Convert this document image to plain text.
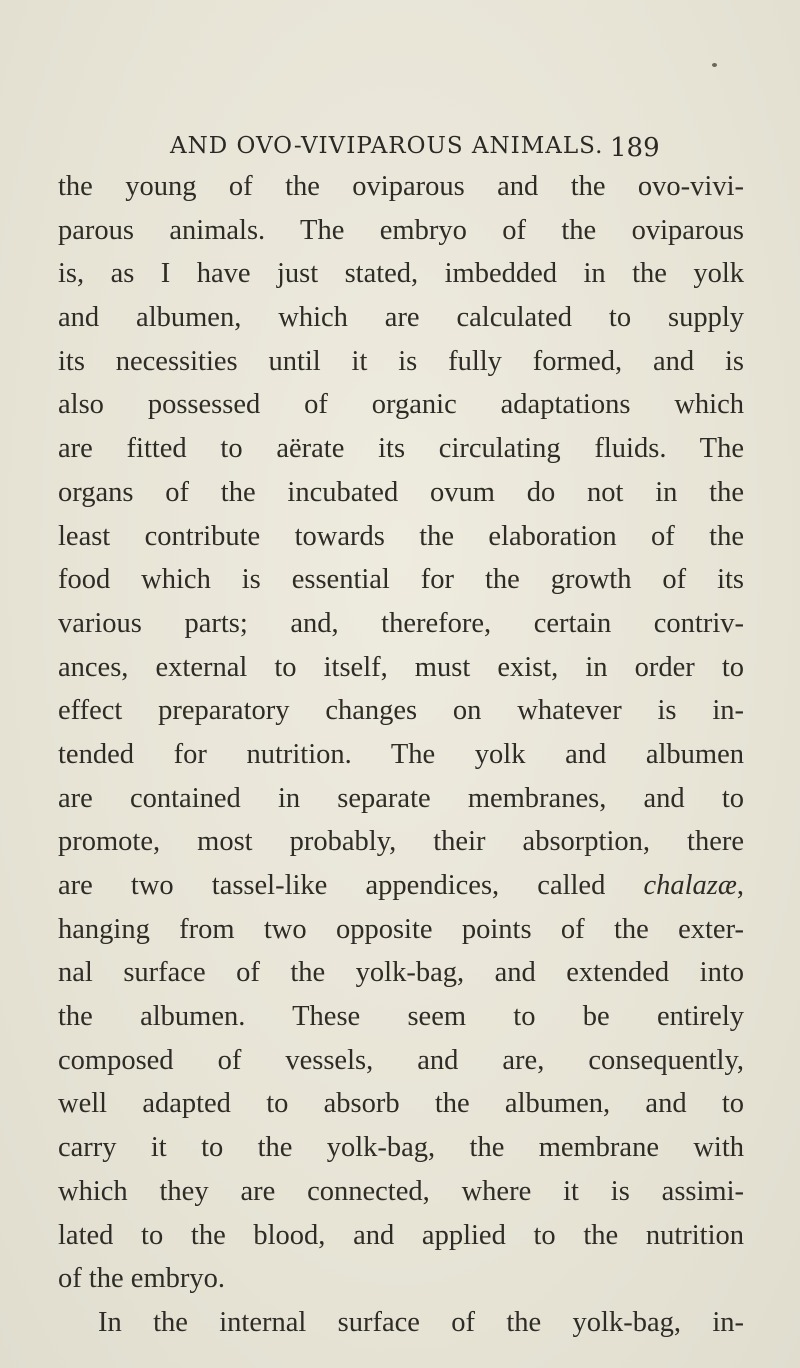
AND OVO-VIVIPAROUS ANIMALS. 189
the young of the oviparous and the ovo-vivi-
parous animals. The embryo of the oviparous
is, as I have just stated, imbedded in the yolk
and albumen, which are calculated to supply
its necessities until it is fully formed, and is
also possessed of organic adaptations which
are fitted to aërate its circulating fluids. The
organs of the incubated ovum do not in the
least contribute towards the elaboration of the
food which is essential for the growth of its
various parts; and, therefore, certain contriv-
ances, external to itself, must exist, in order to
effect preparatory changes on whatever is in-
tended for nutrition. The yolk and albumen
are contained in separate membranes, and to
promote, most probably, their absorption, there
are two tassel-like appendices, called chalazæ,
hanging from two opposite points of the exter-
nal surface of the yolk-bag, and extended into
the albumen. These seem to be entirely
composed of vessels, and are, consequently,
well adapted to absorb the albumen, and to
carry it to the yolk-bag, the membrane with
which they are connected, where it is assimi-
lated to the blood, and applied to the nutrition
of the embryo.
In the internal surface of the yolk-bag, in-
